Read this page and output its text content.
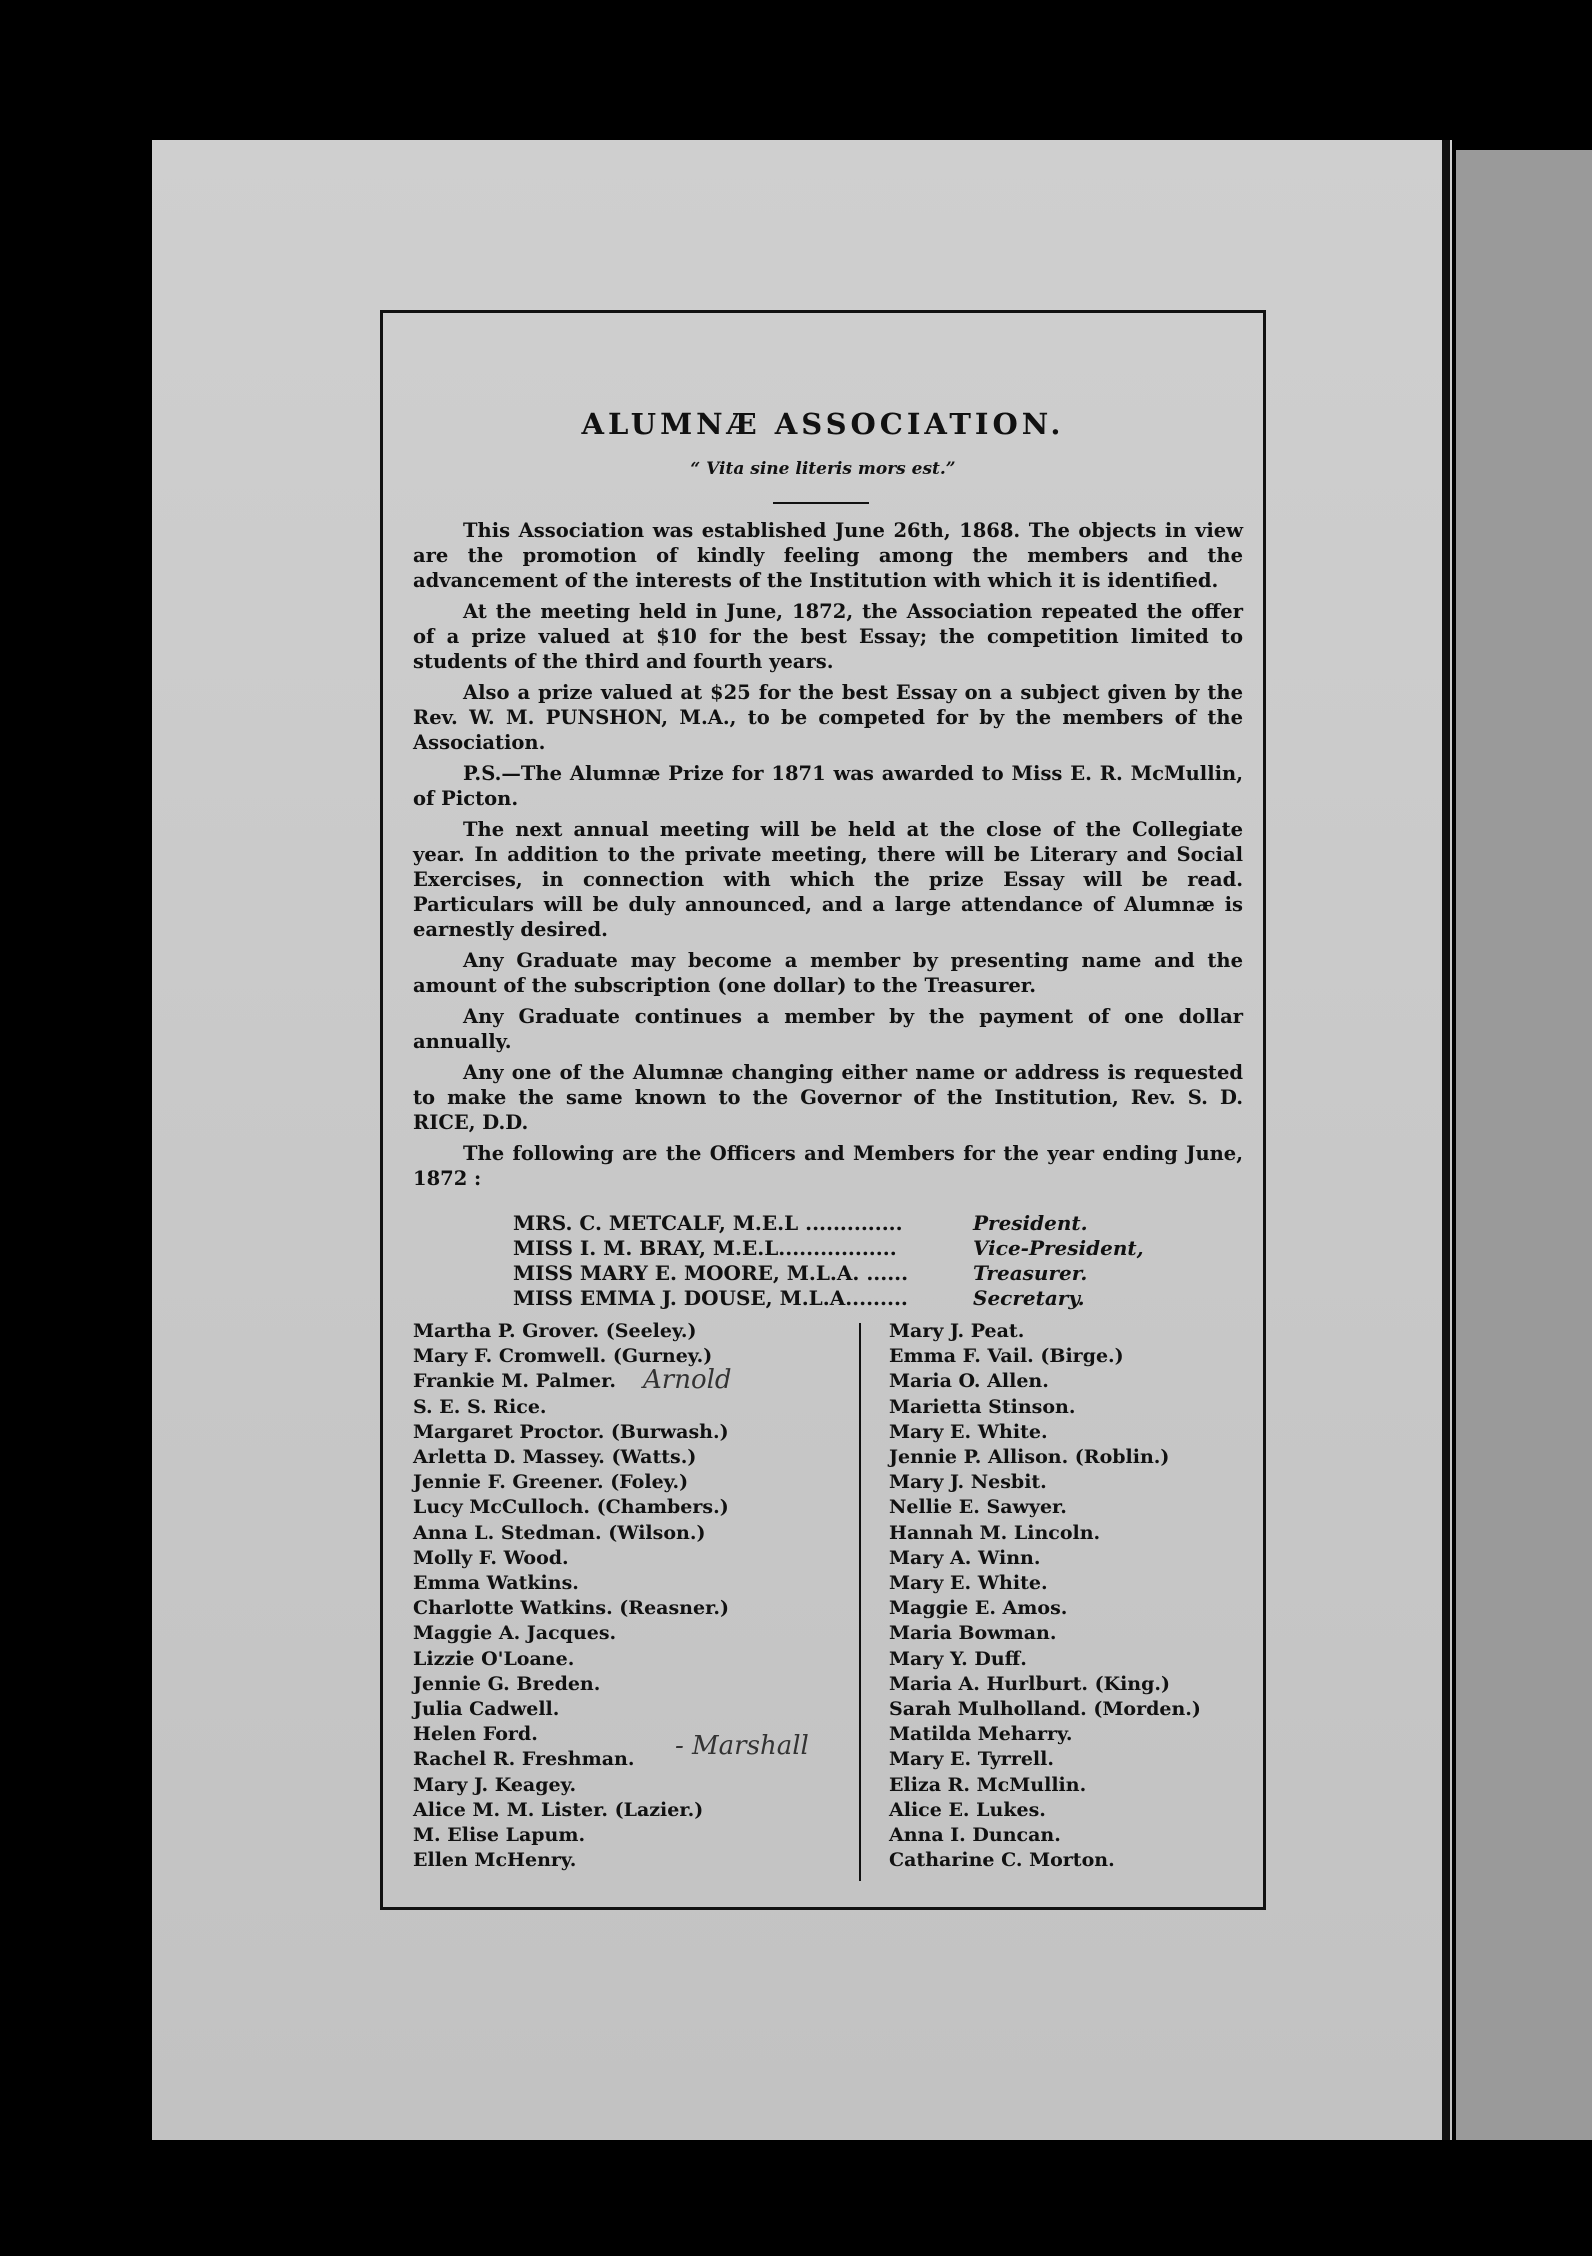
ALUMNÆ ASSOCIATION.
“ Vita sine literis mors est.”

This Association was established June 26th, 1868. The objects in view are the promotion of kindly feeling among the members and the advancement of the interests of the Institution with which it is identified.

At the meeting held in June, 1872, the Association repeated the offer of a prize valued at $10 for the best Essay; the competition limited to students of the third and fourth years.

Also a prize valued at $25 for the best Essay on a subject given by the Rev. W. M. PUNSHON, M.A., to be competed for by the members of the Association.

P.S.—The Alumnæ Prize for 1871 was awarded to Miss E. R. McMullin, of Picton.

The next annual meeting will be held at the close of the Collegiate year. In addition to the private meeting, there will be Literary and Social Exercises, in connection with which the prize Essay will be read. Particulars will be duly announced, and a large attendance of Alumnæ is earnestly desired.

Any Graduate may become a member by presenting name and the amount of the subscription (one dollar) to the Treasurer.

Any Graduate continues a member by the payment of one dollar annually.

Any one of the Alumnæ changing either name or address is requested to make the same known to the Governor of the Institution, Rev. S. D. RICE, D.D.

The following are the Officers and Members for the year ending June, 1872 :

MRS. C. METCALF, M.E.L ..............	President.
MISS I. M. BRAY, M.E.L.................	Vice-President,
MISS MARY E. MOORE, M.L.A. ......	Treasurer.
MISS EMMA J. DOUSE, M.L.A.........	Secretary.
Martha P. Grover. (Seeley.)
Mary F. Cromwell. (Gurney.)
Frankie M. Palmer.
S. E. S. Rice.
Margaret Proctor. (Burwash.)
Arletta D. Massey. (Watts.)
Jennie F. Greener. (Foley.)
Lucy McCulloch. (Chambers.)
Anna L. Stedman. (Wilson.)
Molly F. Wood.
Emma Watkins.
Charlotte Watkins. (Reasner.)
Maggie A. Jacques.
Lizzie O'Loane.
Jennie G. Breden.
Julia Cadwell.
Helen Ford.
Rachel R. Freshman.
Mary J. Keagey.
Alice M. M. Lister. (Lazier.)
M. Elise Lapum.
Ellen McHenry.
Mary J. Peat.
Emma F. Vail. (Birge.)
Maria O. Allen.
Marietta Stinson.
Mary E. White.
Jennie P. Allison. (Roblin.)
Mary J. Nesbit.
Nellie E. Sawyer.
Hannah M. Lincoln.
Mary A. Winn.
Mary E. White.
Maggie E. Amos.
Maria Bowman.
Mary Y. Duff.
Maria A. Hurlburt. (King.)
Sarah Mulholland. (Morden.)
Matilda Meharry.
Mary E. Tyrrell.
Eliza R. McMullin.
Alice E. Lukes.
Anna I. Duncan.
Catharine C. Morton.
Arnold
- Marshall
